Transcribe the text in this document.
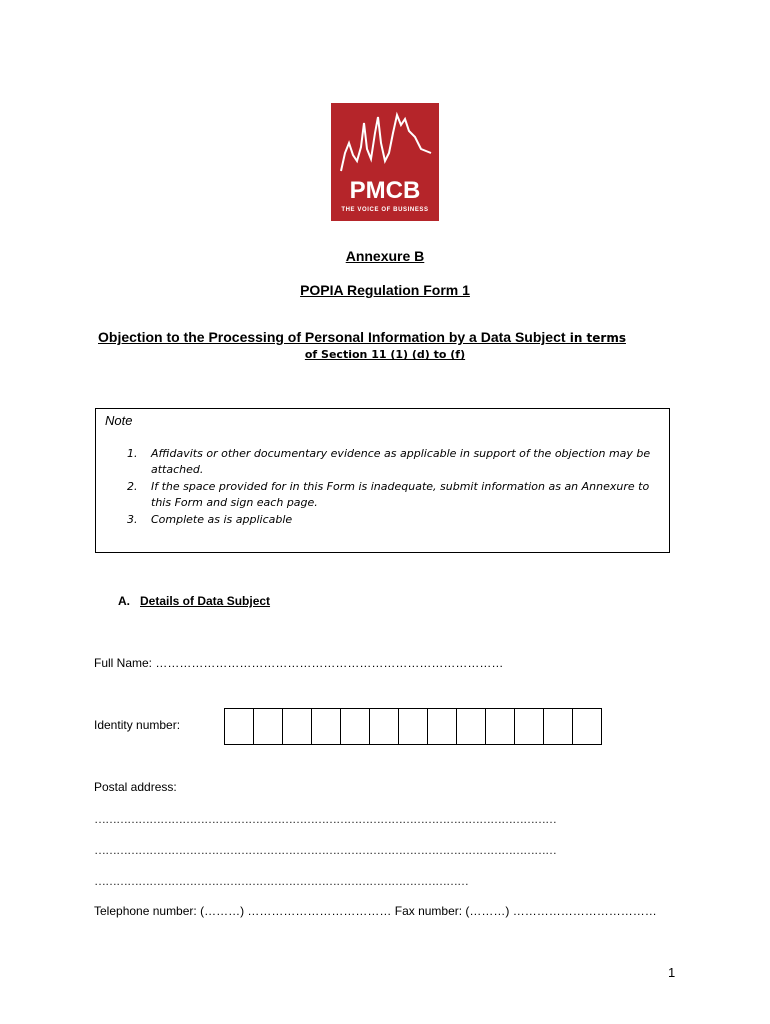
PMCB
THE VOICE OF BUSINESS
Annexure B
POPIA Regulation Form 1
Objection to the Processing of Personal Information by a Data Subject in terms
of Section 11 (1) (d) to (f)
Note
1. Affidavits or other documentary evidence as applicable in support of the objection may be attached.
2. If the space provided for in this Form is inadequate, submit information as an Annexure to this Form and sign each page.
3. Complete as is applicable
A. Details of Data Subject
Full Name: ……………………………………………………………………………
Identity number:
Postal address:
………………………………………………………………………………………………………………
………………………………………………………………………………………………………………
…………………………………………………………………………………………
Telephone number: (………) ……………………………… Fax number: (………) ………………………………
1
